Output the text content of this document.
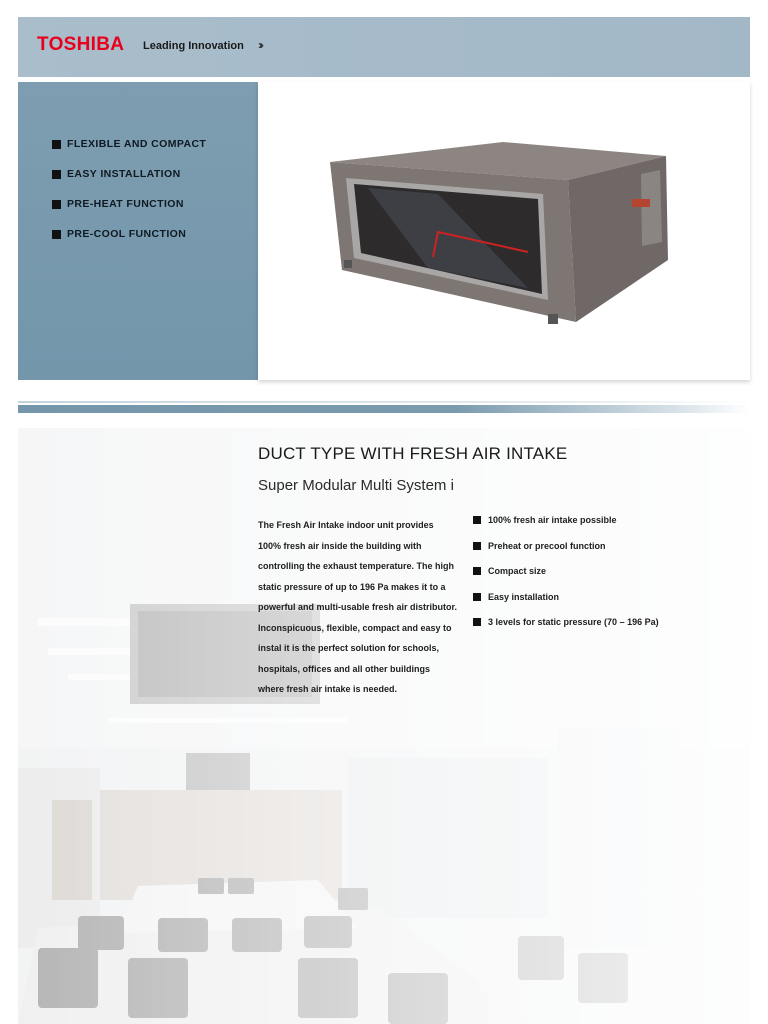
TOSHIBA Leading Innovation ›››
FLEXIBLE AND COMPACT
EASY INSTALLATION
PRE-HEAT FUNCTION
PRE-COOL FUNCTION
DUCT TYPE WITH FRESH AIR INTAKE
Super Modular Multi System i

The Fresh Air Intake indoor unit provides 100% fresh air inside the building with controlling the exhaust temperature. The high static pressure of up to 196 Pa makes it to a powerful and multi-usable fresh air distributor.

Inconspicuous, flexible, compact and easy to instal it is the perfect solution for schools, hospitals, offices and all other buildings where fresh air intake is needed.

100% fresh air intake possible
Preheat or precool function
Compact size
Easy installation
3 levels for static pressure (70 – 196 Pa)
